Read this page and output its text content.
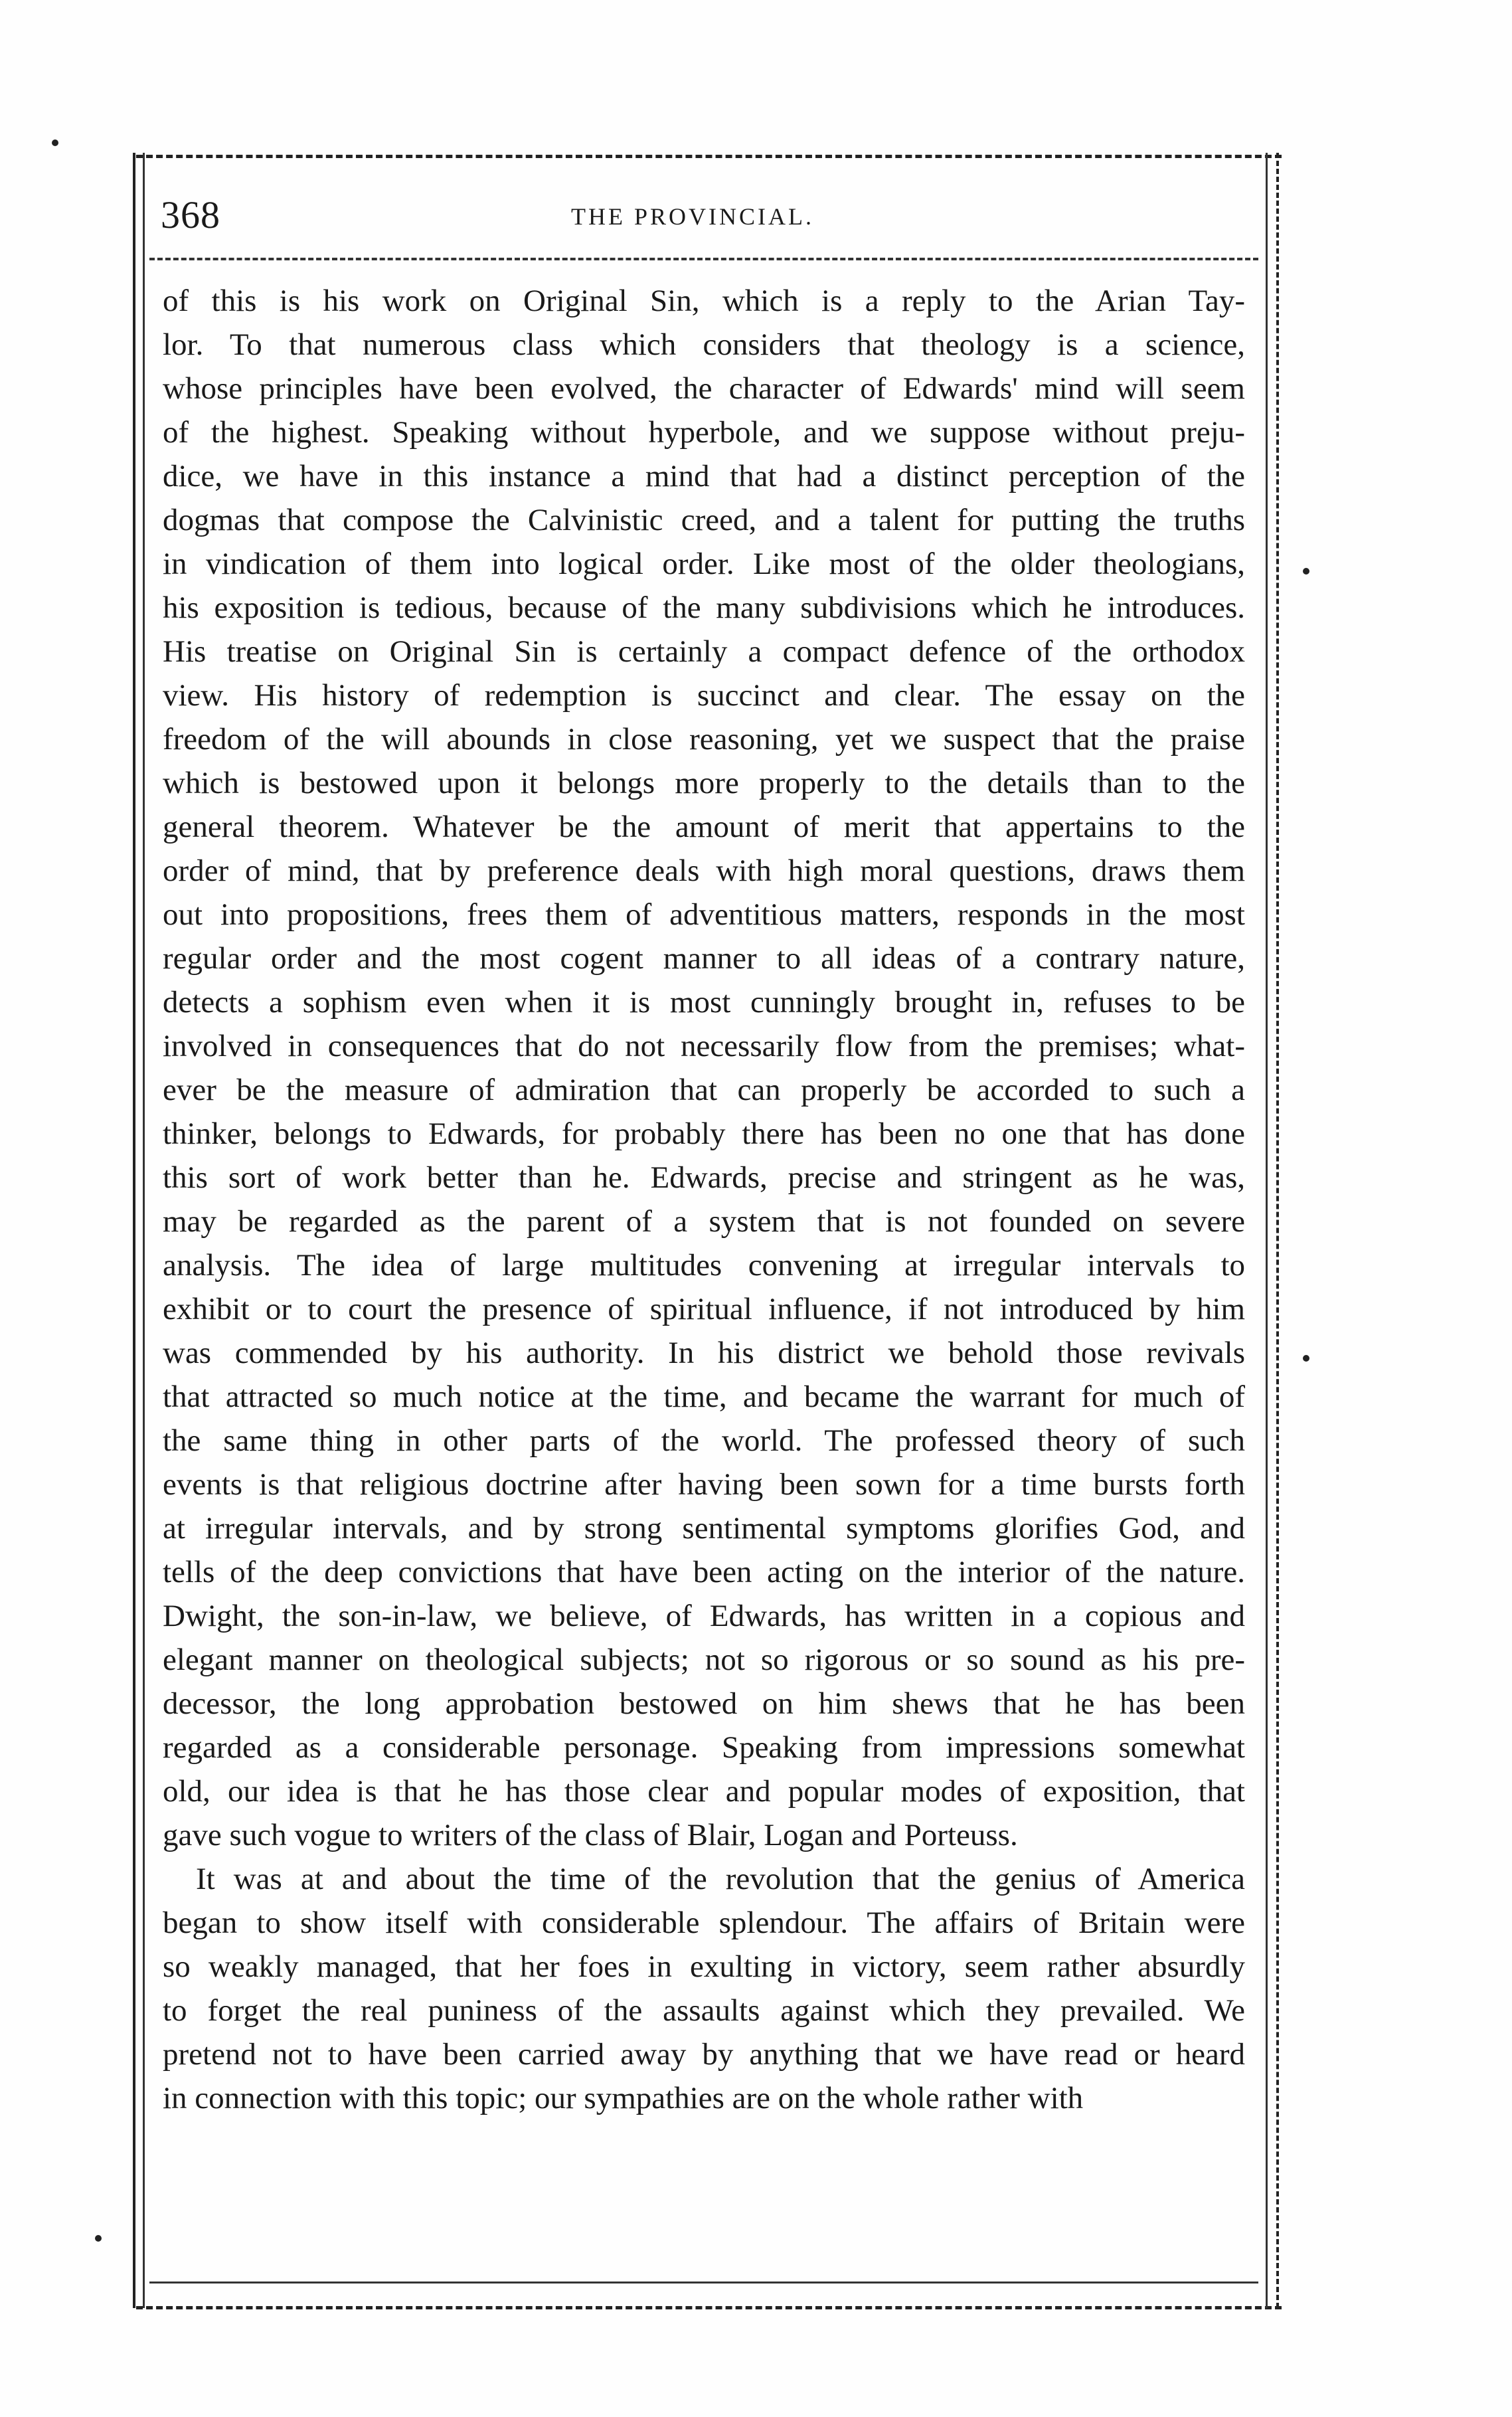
368	THE PROVINCIAL.
of this is his work on Original Sin, which is a reply to the Arian Tay-
lor. To that numerous class which considers that theology is a science,
whose principles have been evolved, the character of Edwards' mind will seem
of the highest. Speaking without hyperbole, and we suppose without preju-
dice, we have in this instance a mind that had a distinct perception of the
dogmas that compose the Calvinistic creed, and a talent for putting the truths
in vindication of them into logical order. Like most of the older theologians,
his exposition is tedious, because of the many subdivisions which he introduces.
His treatise on Original Sin is certainly a compact defence of the orthodox
view. His history of redemption is succinct and clear. The essay on the
freedom of the will abounds in close reasoning, yet we suspect that the praise
which is bestowed upon it belongs more properly to the details than to the
general theorem. Whatever be the amount of merit that appertains to the
order of mind, that by preference deals with high moral questions, draws them
out into propositions, frees them of adventitious matters, responds in the most
regular order and the most cogent manner to all ideas of a contrary nature,
detects a sophism even when it is most cunningly brought in, refuses to be
involved in consequences that do not necessarily flow from the premises; what-
ever be the measure of admiration that can properly be accorded to such a
thinker, belongs to Edwards, for probably there has been no one that has done
this sort of work better than he. Edwards, precise and stringent as he was,
may be regarded as the parent of a system that is not founded on severe
analysis. The idea of large multitudes convening at irregular intervals to
exhibit or to court the presence of spiritual influence, if not introduced by him
was commended by his authority. In his district we behold those revivals
that attracted so much notice at the time, and became the warrant for much of
the same thing in other parts of the world. The professed theory of such
events is that religious doctrine after having been sown for a time bursts forth
at irregular intervals, and by strong sentimental symptoms glorifies God, and
tells of the deep convictions that have been acting on the interior of the nature.
Dwight, the son-in-law, we believe, of Edwards, has written in a copious and
elegant manner on theological subjects; not so rigorous or so sound as his pre-
decessor, the long approbation bestowed on him shews that he has been
regarded as a considerable personage. Speaking from impressions somewhat
old, our idea is that he has those clear and popular modes of exposition, that
gave such vogue to writers of the class of Blair, Logan and Porteuss.
It was at and about the time of the revolution that the genius of America
began to show itself with considerable splendour. The affairs of Britain were
so weakly managed, that her foes in exulting in victory, seem rather absurdly
to forget the real puniness of the assaults against which they prevailed. We
pretend not to have been carried away by anything that we have read or heard
in connection with this topic; our sympathies are on the whole rather with
